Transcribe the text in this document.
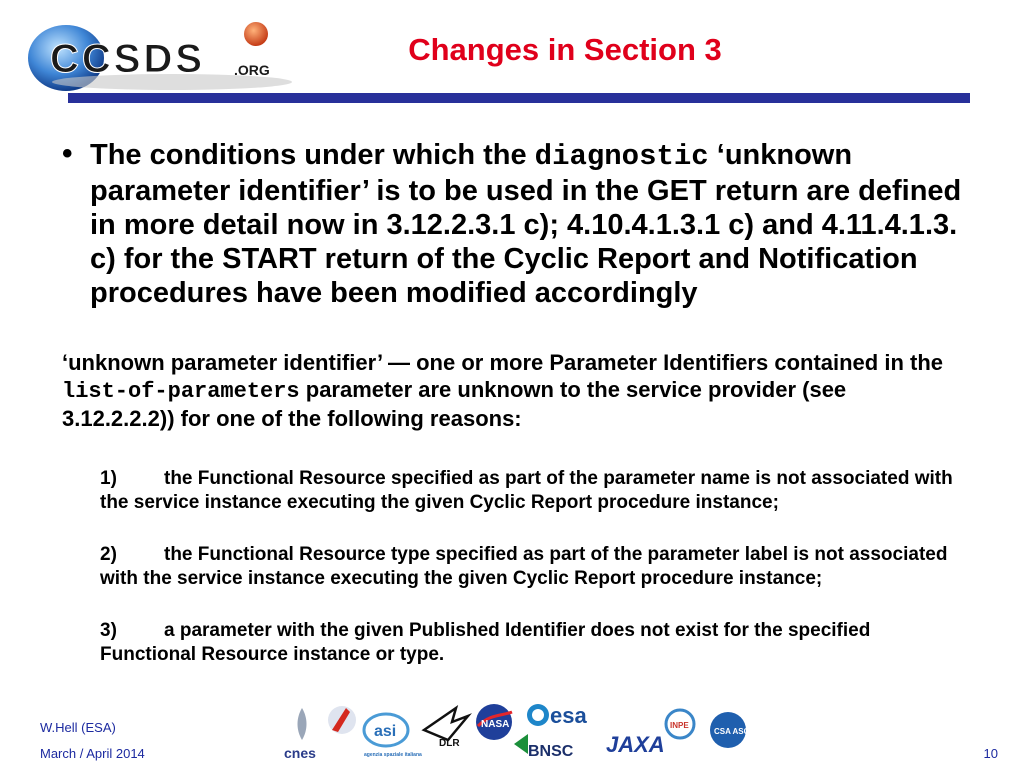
CCSDS .ORG
Changes in Section 3
• The conditions under which the diagnostic ‘unknown parameter identifier’ is to be used in the GET return are defined in more detail now in 3.12.2.3.1 c); 4.10.4.1.3.1 c) and 4.11.4.1.3. c) for the START return of the Cyclic Report and Notification procedures have been modified accordingly

‘unknown parameter identifier’ — one or more Parameter Identifiers contained in the list-of-parameters parameter are unknown to the service provider (see 3.12.2.2.2)) for one of the following reasons:

1) the Functional Resource specified as part of the parameter name is not associated with the service instance executing the given Cyclic Report procedure instance;

2) the Functional Resource type specified as part of the parameter label is not associated with the service instance executing the given Cyclic Report procedure instance;

3) a parameter with the given Published Identifier does not exist for the specified Functional Resource instance or type.

W.Hell (ESA)
March / April 2014	10
cnes
asi
agenzia spaziale italiana
DLR
NASA esa
BNSC JAXA
INPE
CSA ASC
